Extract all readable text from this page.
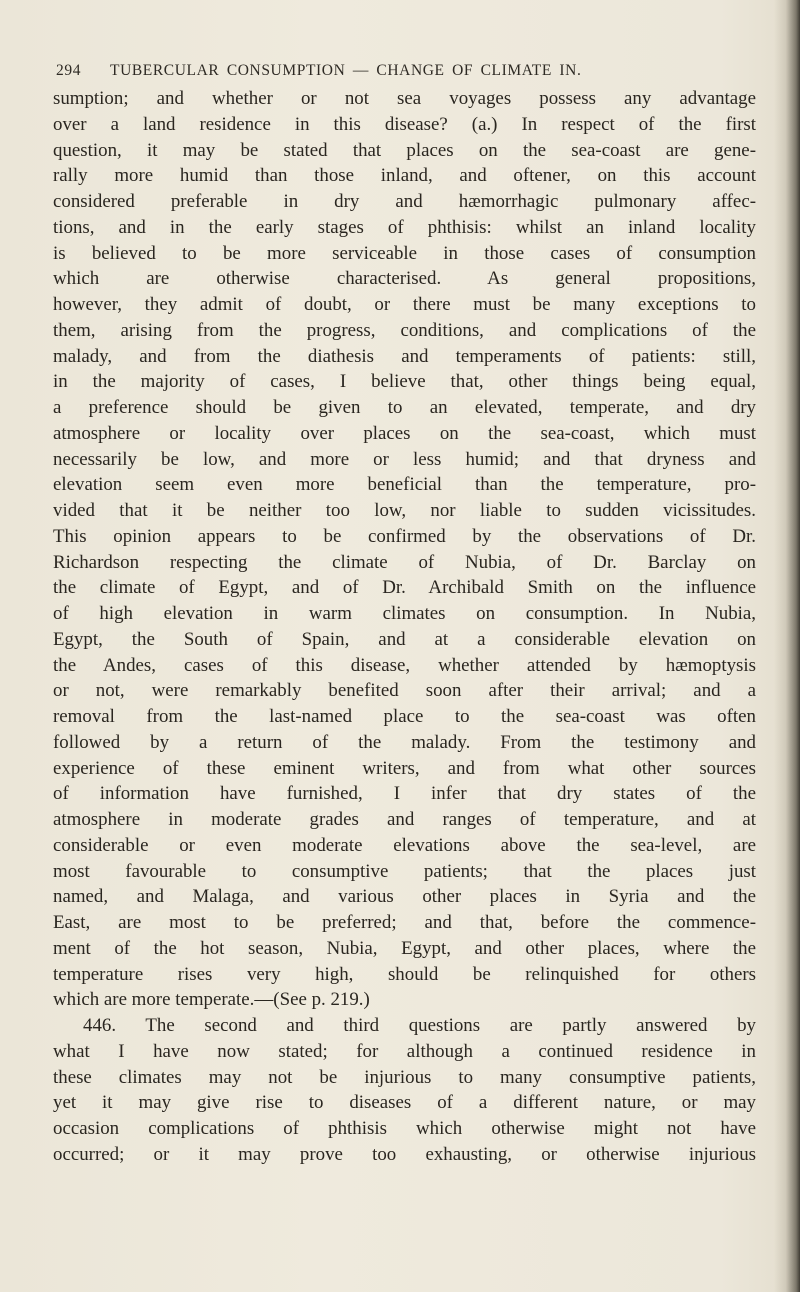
294 TUBERCULAR CONSUMPTION — CHANGE OF CLIMATE IN.
sumption; and whether or not sea voyages possess any advantage
over a land residence in this disease? (a.) In respect of the first
question, it may be stated that places on the sea-coast are gene-
rally more humid than those inland, and oftener, on this account
considered preferable in dry and hæmorrhagic pulmonary affec-
tions, and in the early stages of phthisis: whilst an inland locality
is believed to be more serviceable in those cases of consumption
which are otherwise characterised. As general propositions,
however, they admit of doubt, or there must be many exceptions to
them, arising from the progress, conditions, and complications of the
malady, and from the diathesis and temperaments of patients: still,
in the majority of cases, I believe that, other things being equal,
a preference should be given to an elevated, temperate, and dry
atmosphere or locality over places on the sea-coast, which must
necessarily be low, and more or less humid; and that dryness and
elevation seem even more beneficial than the temperature, pro-
vided that it be neither too low, nor liable to sudden vicissitudes.
This opinion appears to be confirmed by the observations of Dr.
Richardson respecting the climate of Nubia, of Dr. Barclay on
the climate of Egypt, and of Dr. Archibald Smith on the influence
of high elevation in warm climates on consumption. In Nubia,
Egypt, the South of Spain, and at a considerable elevation on
the Andes, cases of this disease, whether attended by hæmoptysis
or not, were remarkably benefited soon after their arrival; and a
removal from the last-named place to the sea-coast was often
followed by a return of the malady. From the testimony and
experience of these eminent writers, and from what other sources
of information have furnished, I infer that dry states of the
atmosphere in moderate grades and ranges of temperature, and at
considerable or even moderate elevations above the sea-level, are
most favourable to consumptive patients; that the places just
named, and Malaga, and various other places in Syria and the
East, are most to be preferred; and that, before the commence-
ment of the hot season, Nubia, Egypt, and other places, where the
temperature rises very high, should be relinquished for others
which are more temperate.—(See p. 219.)
446. The second and third questions are partly answered by
what I have now stated; for although a continued residence in
these climates may not be injurious to many consumptive patients,
yet it may give rise to diseases of a different nature, or may
occasion complications of phthisis which otherwise might not have
occurred; or it may prove too exhausting, or otherwise injurious
